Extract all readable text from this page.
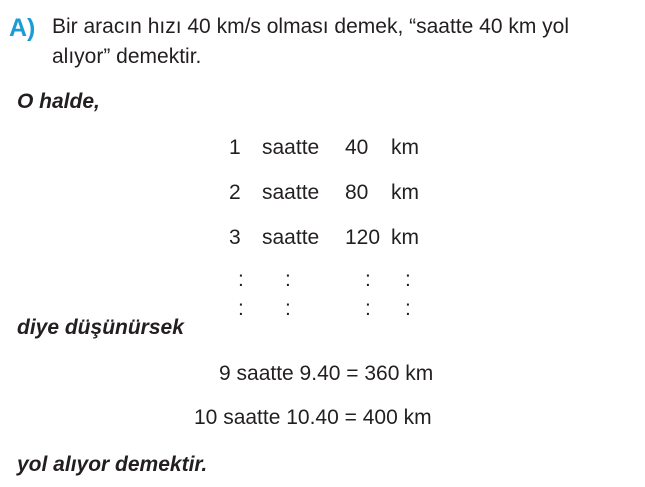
A) Bir aracın hızı 40 km/s olması demek, “saatte 40 km yol
alıyor” demektir.
O halde,
1 saatte 40 km
2 saatte 80 km
3 saatte 120 km
:
:
:
:
:
:
:
:
diye düşünürsek
9 saatte 9.40 = 360 km
10 saatte 10.40 = 400 km
yol alıyor demektir.
